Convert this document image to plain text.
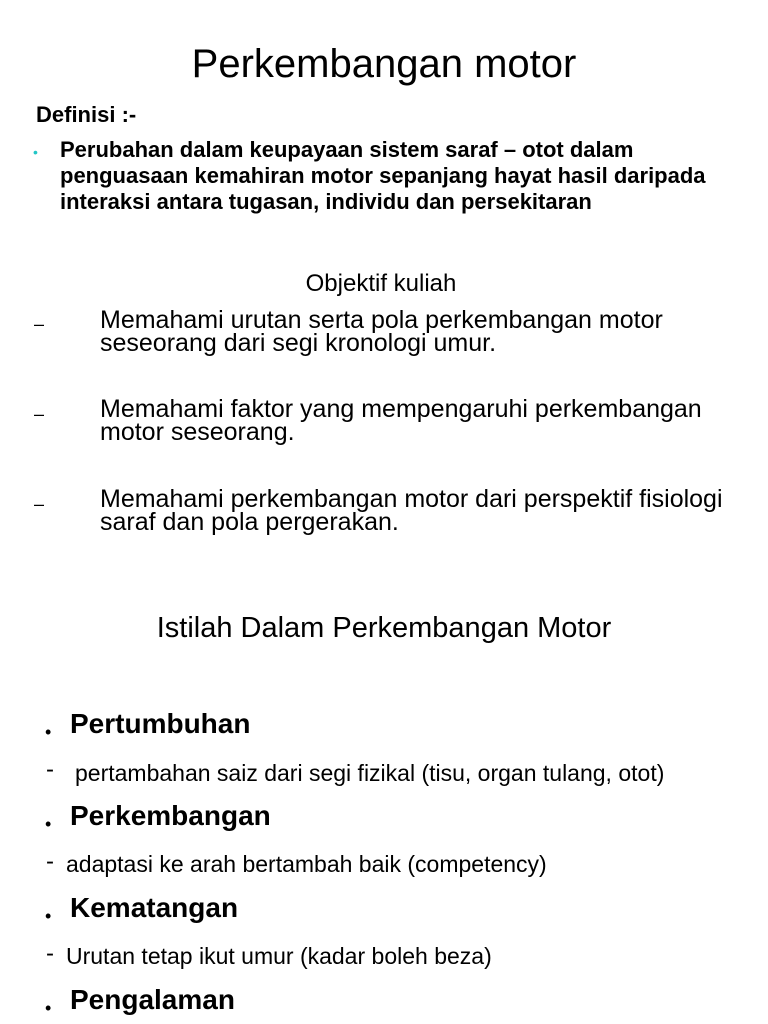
Perkembangan motor
Definisi :-
• Perubahan dalam keupayaan sistem saraf – otot dalam penguasaan kemahiran motor sepanjang hayat hasil daripada interaksi antara tugasan, individu dan persekitaran
Objektif kuliah
– Memahami urutan serta pola perkembangan motor seseorang dari segi kronologi umur.
– Memahami faktor yang mempengaruhi perkembangan motor seseorang.
– Memahami perkembangan motor dari perspektif fisiologi saraf dan pola pergerakan.
Istilah Dalam Perkembangan Motor
• Pertumbuhan
- pertambahan saiz dari segi fizikal (tisu, organ tulang, otot)
• Perkembangan
- adaptasi ke arah bertambah baik (competency)
• Kematangan
- Urutan tetap ikut umur (kadar boleh beza)
• Pengalaman
